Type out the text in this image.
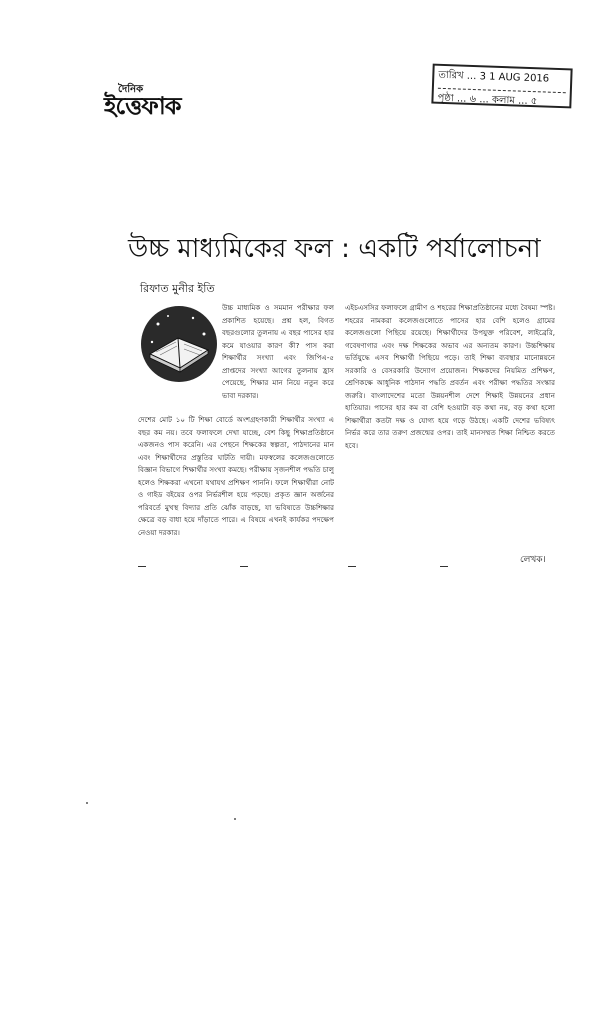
দৈনিক
ইত্তেফাক
তারিখ ... 3 1 AUG 2016
পৃষ্ঠা ... ৬ ... কলাম ... ৫
উচ্চ মাধ্যমিকের ফল : একটি পর্যালোচনা
রিফাত মুনীর ইতি
উচ্চ মাধ্যমিক ও সমমান পরীক্ষার ফল প্রকাশিত হয়েছে। প্রশ্ন হল, বিগত বছরগুলোর তুলনায় এ বছর পাসের হার কমে যাওয়ার কারণ কী? পাস করা শিক্ষার্থীর সংখ্যা এবং জিপিএ-৫ প্রাপ্তদের সংখ্যা আগের তুলনায় হ্রাস পেয়েছে, শিক্ষার মান নিয়ে নতুন করে ভাবা দরকার।
দেশের মোট ১০ টি শিক্ষা বোর্ডে অংশগ্রহণকারী শিক্ষার্থীর সংখ্যা এ বছর কম নয়। তবে ফলাফলে দেখা যাচ্ছে, বেশ কিছু শিক্ষাপ্রতিষ্ঠানে একজনও পাস করেনি। এর পেছনে শিক্ষকের স্বল্পতা, পাঠদানের মান এবং শিক্ষার্থীদের প্রস্তুতির ঘাটতি দায়ী। মফস্বলের কলেজগুলোতে বিজ্ঞান বিভাগে শিক্ষার্থীর সংখ্যা কমছে। পরীক্ষায় সৃজনশীল পদ্ধতি চালু হলেও শিক্ষকরা এখনো যথাযথ প্রশিক্ষণ পাননি। ফলে শিক্ষার্থীরা নোট ও গাইড বইয়ের ওপর নির্ভরশীল হয়ে পড়ছে। প্রকৃত জ্ঞান অর্জনের পরিবর্তে মুখস্থ বিদ্যার প্রতি ঝোঁক বাড়ছে, যা ভবিষ্যতে উচ্চশিক্ষার ক্ষেত্রে বড় বাধা হয়ে দাঁড়াতে পারে। এ বিষয়ে এখনই কার্যকর পদক্ষেপ নেওয়া দরকার।
এইচএসসির ফলাফলে গ্রামীণ ও শহরের শিক্ষাপ্রতিষ্ঠানের মধ্যে বৈষম্য স্পষ্ট। শহরের নামকরা কলেজগুলোতে পাসের হার বেশি হলেও গ্রামের কলেজগুলো পিছিয়ে রয়েছে। শিক্ষার্থীদের উপযুক্ত পরিবেশ, লাইব্রেরি, গবেষণাগার এবং দক্ষ শিক্ষকের অভাব এর অন্যতম কারণ। উচ্চশিক্ষায় ভর্তিযুদ্ধে এসব শিক্ষার্থী পিছিয়ে পড়ে। তাই শিক্ষা ব্যবস্থার মানোন্নয়নে সরকারি ও বেসরকারি উদ্যোগ প্রয়োজন। শিক্ষকদের নিয়মিত প্রশিক্ষণ, শ্রেণিকক্ষে আধুনিক পাঠদান পদ্ধতি প্রবর্তন এবং পরীক্ষা পদ্ধতির সংস্কার জরুরি। বাংলাদেশের মতো উন্নয়নশীল দেশে শিক্ষাই উন্নয়নের প্রধান হাতিয়ার। পাসের হার কম বা বেশি হওয়াটা বড় কথা নয়, বড় কথা হলো শিক্ষার্থীরা কতটা দক্ষ ও যোগ্য হয়ে গড়ে উঠছে। একটি দেশের ভবিষ্যৎ নির্ভর করে তার তরুণ প্রজন্মের ওপর। তাই মানসম্মত শিক্ষা নিশ্চিত করতে হবে।
লেখক।
